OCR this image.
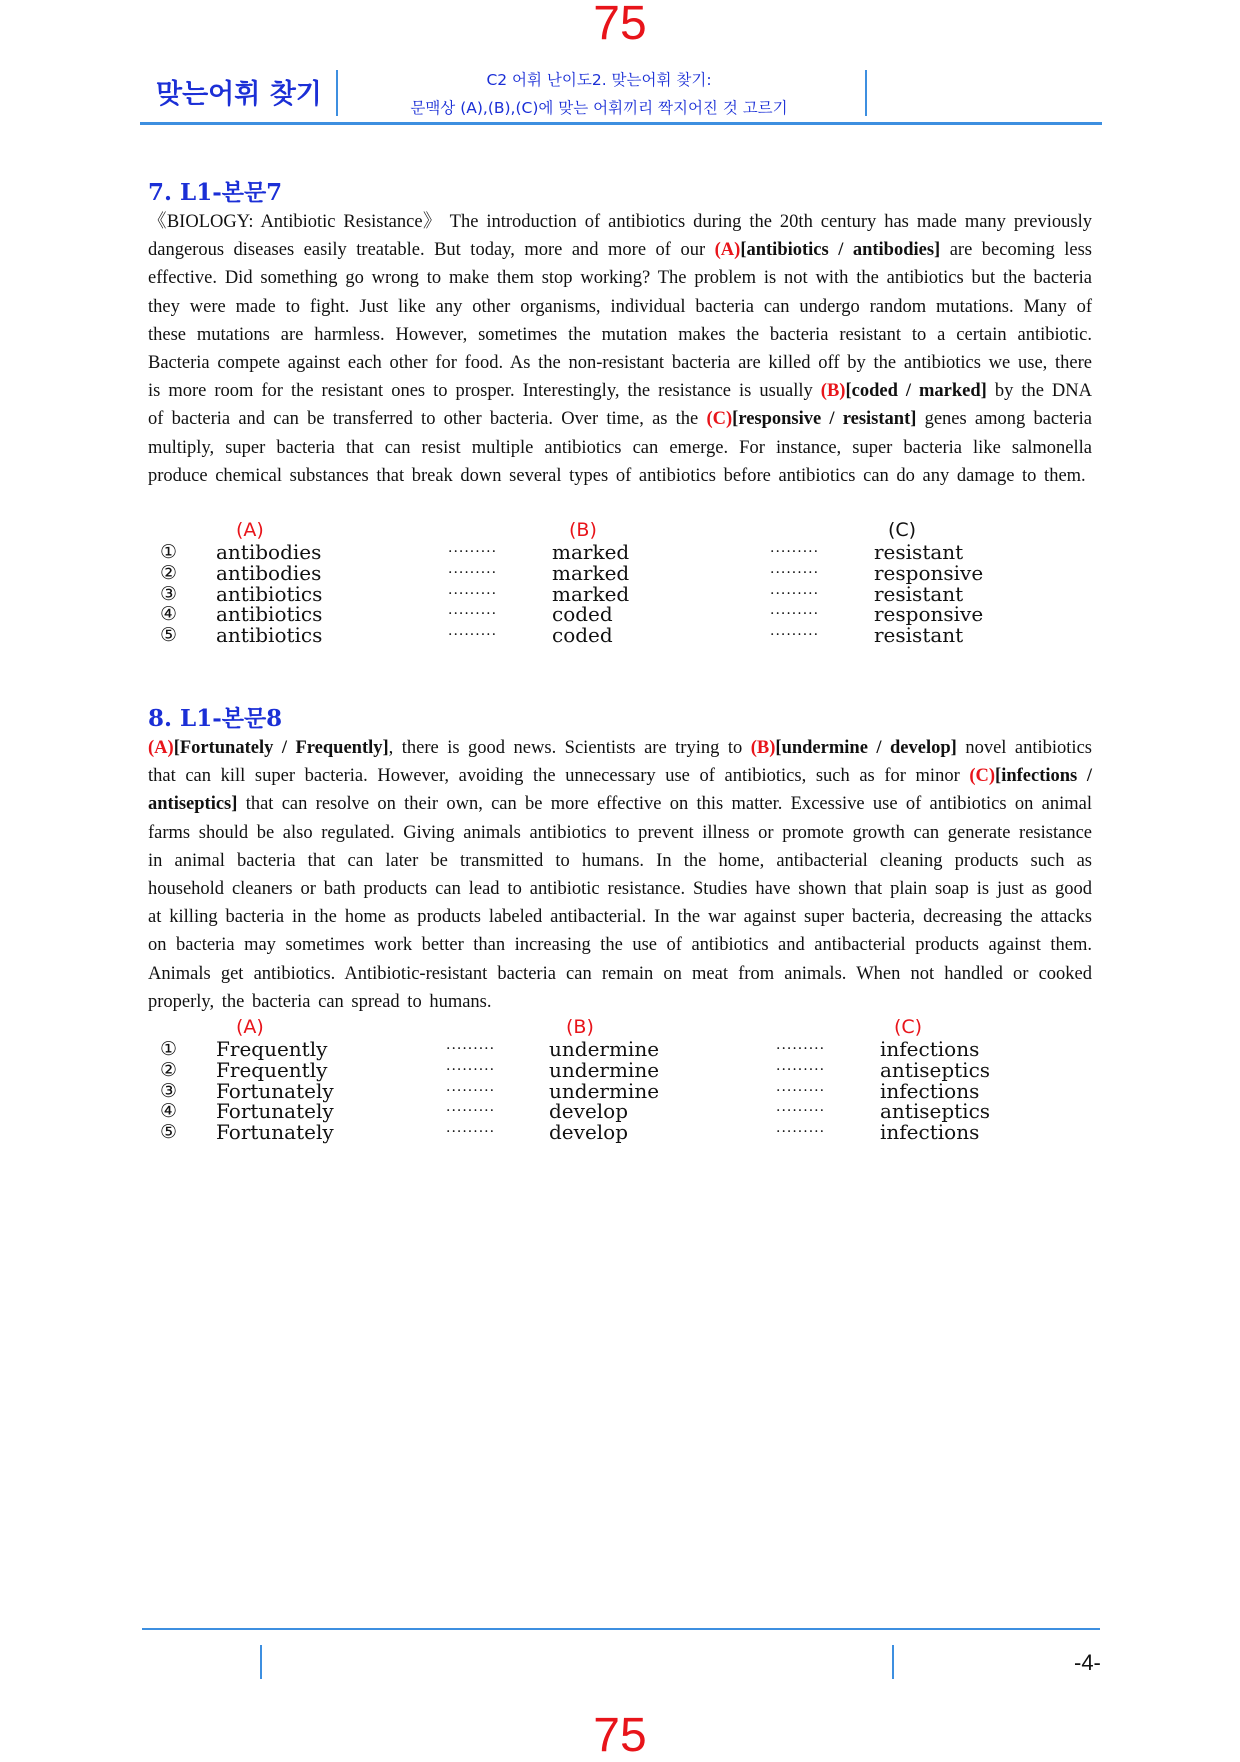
75
맞는어휘 찾기	C2 어휘 난이도2. 맞는어휘 찾기:
문맥상 (A),(B),(C)에 맞는 어휘끼리 짝지어진 것 고르기
7. L1-본문7
《BIOLOGY: Antibiotic Resistance》 The introduction of antibiotics during the 20th century has made many previously dangerous diseases easily treatable. But today, more and more of our (A)[antibiotics / antibodies] are becoming less effective. Did something go wrong to make them stop working? The problem is not with the antibiotics but the bacteria they were made to fight. Just like any other organisms, individual bacteria can undergo random mutations. Many of these mutations are harmless. However, sometimes the mutation makes the bacteria resistant to a certain antibiotic. Bacteria compete against each other for food. As the non-resistant bacteria are killed off by the antibiotics we use, there is more room for the resistant ones to prosper. Interestingly, the resistance is usually (B)[coded / marked] by the DNA of bacteria and can be transferred to other bacteria. Over time, as the (C)[responsive / resistant] genes among bacteria multiply, super bacteria that can resist multiple antibiotics can emerge. For instance, super bacteria like salmonella produce chemical substances that break down several types of antibiotics before antibiotics can do any damage to them.
(A)	(B)	(C)
① antibodies	·········	marked	·········	resistant
② antibodies	·········	marked	·········	responsive
③ antibiotics	·········	marked	·········	resistant
④ antibiotics	·········	coded	·········	responsive
⑤ antibiotics	·········	coded	·········	resistant
8. L1-본문8
(A)[Fortunately / Frequently], there is good news. Scientists are trying to (B)[undermine / develop] novel antibiotics that can kill super bacteria. However, avoiding the unnecessary use of antibiotics, such as for minor (C)[infections / antiseptics] that can resolve on their own, can be more effective on this matter. Excessive use of antibiotics on animal farms should be also regulated. Giving animals antibiotics to prevent illness or promote growth can generate resistance in animal bacteria that can later be transmitted to humans. In the home, antibacterial cleaning products such as household cleaners or bath products can lead to antibiotic resistance. Studies have shown that plain soap is just as good at killing bacteria in the home as products labeled antibacterial. In the war against super bacteria, decreasing the attacks on bacteria may sometimes work better than increasing the use of antibiotics and antibacterial products against them. Animals get antibiotics. Antibiotic-resistant bacteria can remain on meat from animals. When not handled or cooked properly, the bacteria can spread to humans.
(A)	(B)	(C)
① Frequently	·········	undermine	·········	infections
② Frequently	·········	undermine	·········	antiseptics
③ Fortunately	·········	undermine	·········	infections
④ Fortunately	·········	develop	·········	antiseptics
⑤ Fortunately	·········	develop	·········	infections
-4-
75
